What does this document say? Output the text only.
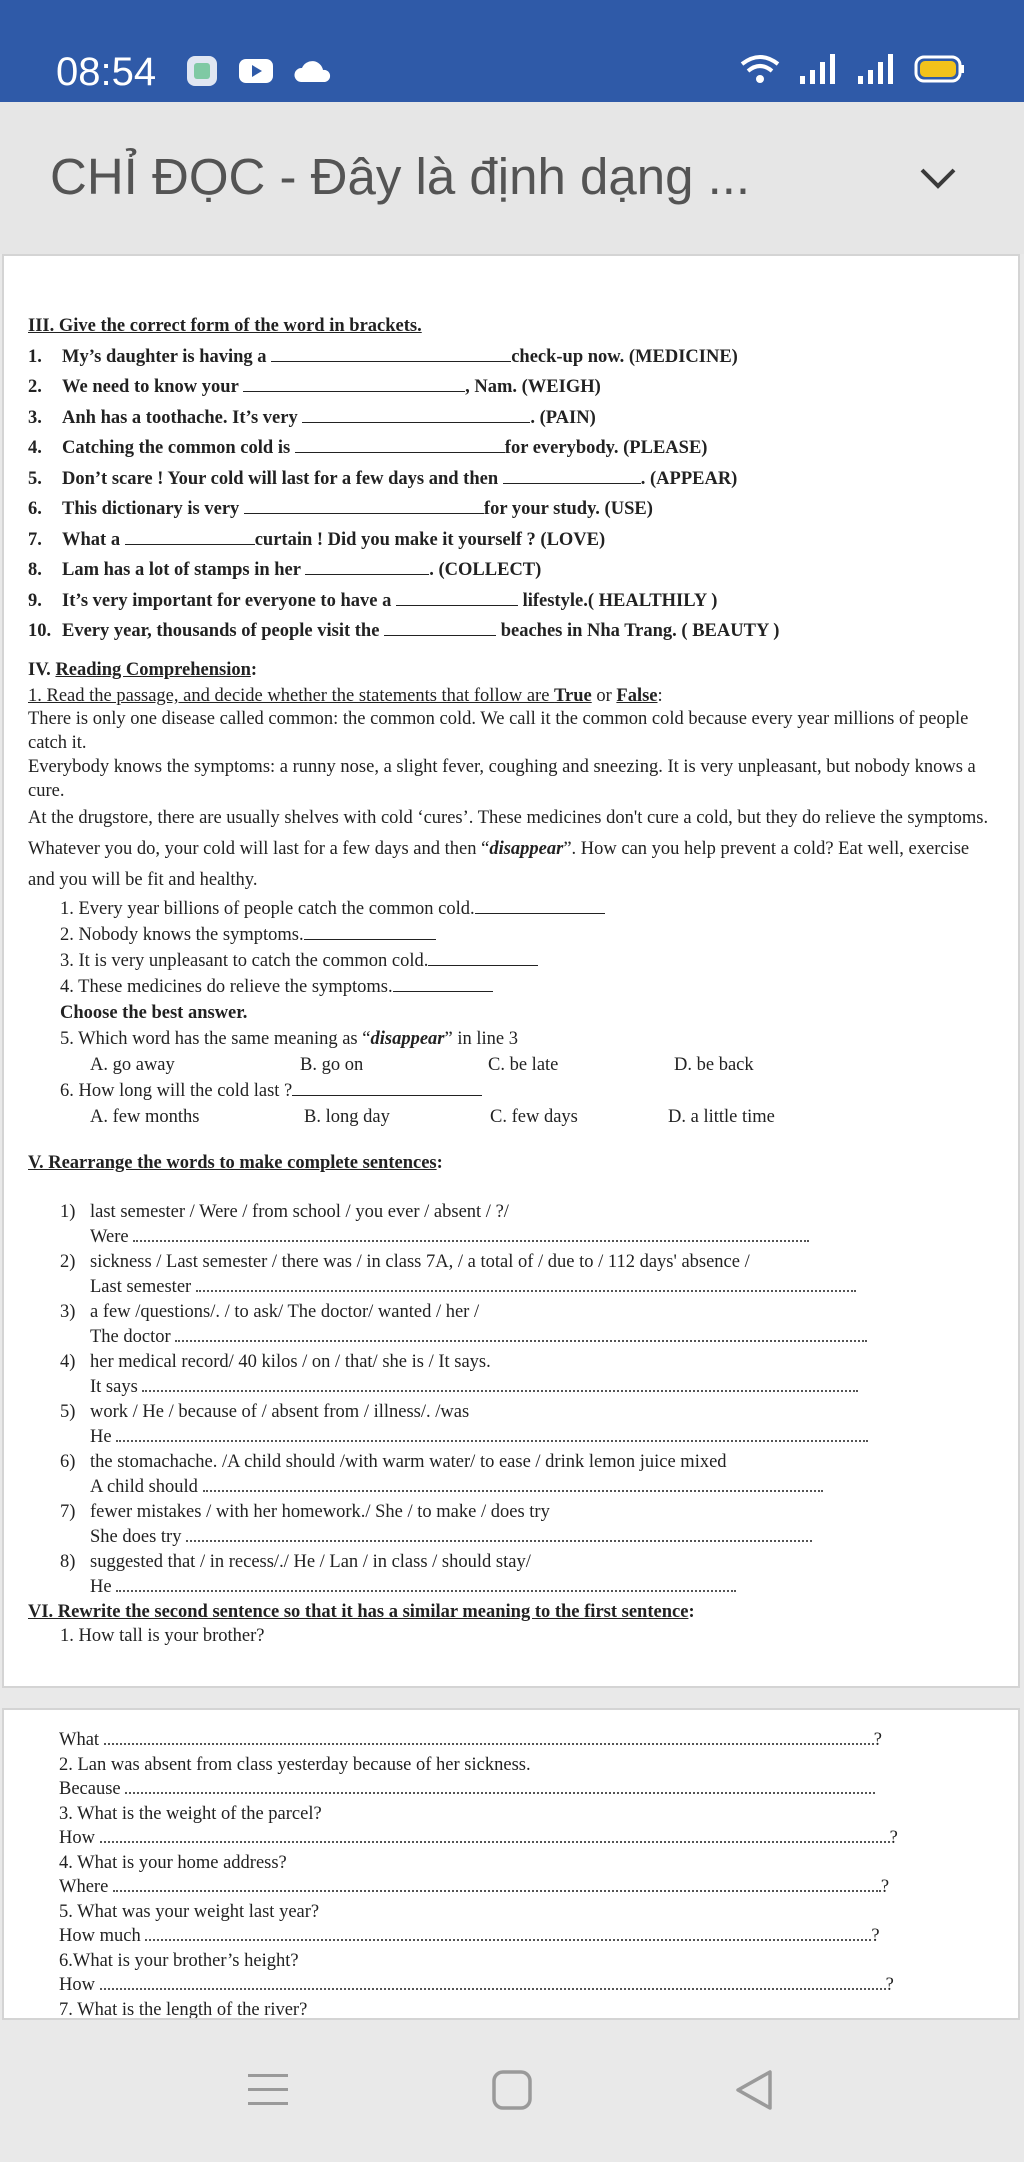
08:54
CHỈ ĐỌC - Đây là định dạng ...
III. Give the correct form of the word in brackets.
1. My’s daughter is having a	check-up now. (MEDICINE)
2. We need to know your	, Nam. (WEIGH)
3. Anh has a toothache. It’s very	. (PAIN)
4. Catching the common cold is	for everybody. (PLEASE)
5. Don’t scare ! Your cold will last for a few days and then	. (APPEAR)
6. This dictionary is very	for your study. (USE)
7. What a	curtain ! Did you make it yourself ? (LOVE)
8. Lam has a lot of stamps in her	. (COLLECT)
9. It’s very important for everyone to have a	lifestyle.( HEALTHILY )
10. Every year, thousands of people visit the	beaches in Nha Trang. ( BEAUTY )
IV. Reading Comprehension:
1. Read the passage, and decide whether the statements that follow are True or False:
There is only one disease called common: the common cold. We call it the common cold because every year millions of people catch it.
Everybody knows the symptoms: a runny nose, a slight fever, coughing and sneezing. It is very unpleasant, but nobody knows a cure.
At the drugstore, there are usually shelves with cold ‘cures’. These medicines don't cure a cold, but they do relieve the symptoms. Whatever you do, your cold will last for a few days and then “disappear”. How can you help prevent a cold? Eat well, exercise and you will be fit and healthy.
1. Every year billions of people catch the common cold.
2. Nobody knows the symptoms.
3. It is very unpleasant to catch the common cold.
4. These medicines do relieve the symptoms.
Choose the best answer.
5. Which word has the same meaning as “disappear” in line 3
A. go away	B. go on	C. be late	D. be back
6. How long will the cold last ?
A. few months	B. long day	C. few days	D. a little time
V. Rearrange the words to make complete sentences:
1) last semester / Were / from school / you ever / absent / ?/
Were
2) sickness / Last semester / there was / in class 7A, / a total of / due to / 112 days' absence /
Last semester
3) a few /questions/. / to ask/ The doctor/ wanted / her /
The doctor
4) her medical record/ 40 kilos / on / that/ she is / It says.
It says
5) work / He / because of / absent from / illness/. /was
He
6) the stomachache. /A child should /with warm water/ to ease / drink lemon juice mixed
A child should
7) fewer mistakes / with her homework./ She / to make / does try
She does try
8) suggested that / in recess/./ He / Lan / in class / should stay/
He
VI. Rewrite the second sentence so that it has a similar meaning to the first sentence:
1. How tall is your brother?
What	?
2. Lan was absent from class yesterday because of her sickness.
Because
3. What is the weight of the parcel?
How	?
4. What is your home address?
Where	?
5. What was your weight last year?
How much	?
6.What is your brother’s height?
How	?
7. What is the length of the river?
